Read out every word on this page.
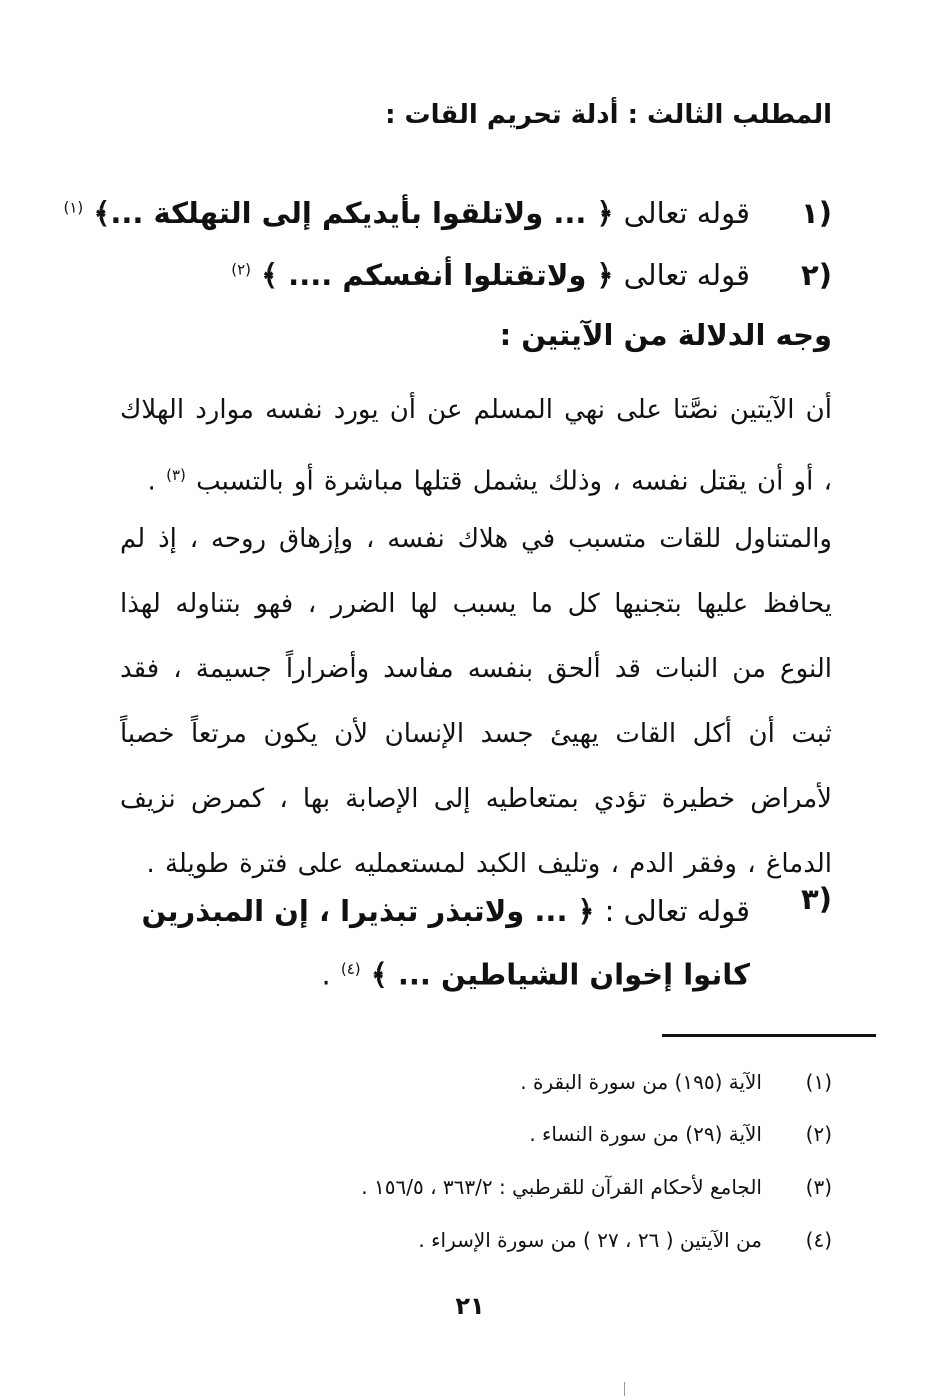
المطلب الثالث : أدلة تحريم القات :
١)
قوله تعالى ﴿ ... ولاتلقوا بأيديكم إلى التهلكة ...﴾ $^{(١)}$
٢)
قوله تعالى ﴿ ولاتقتلوا أنفسكم .... ﴾ $^{(٢)}$
وجه الدلالة من الآيتين :
أن الآيتين نصَّتا على نهي المسلم عن أن يورد نفسه موارد الهلاك ، أو أن يقتل نفسه ، وذلك يشمل قتلها مباشرة أو بالتسبب $^{(٣)}$ .
والمتناول للقات متسبب في هلاك نفسه ، وإزهاق روحه ، إذ لم يحافظ عليها بتجنيها كل ما يسبب لها الضرر ، فهو بتناوله لهذا النوع من النبات قد ألحق بنفسه مفاسد وأضراراً جسيمة ، فقد ثبت أن أكل القات يهيئ جسد الإنسان لأن يكون مرتعاً خصباً لأمراض خطيرة تؤدي بمتعاطيه إلى الإصابة بها ، كمرض نزيف الدماغ ، وفقر الدم ، وتليف الكبد لمستعمليه على فترة طويلة .
٣)
قوله تعالى : ﴿ ... ولاتبذر تبذيرا ، إن المبذرين كانوا إخوان الشياطين ... ﴾ $^{(٤)}$ .
(١)
الآية (١٩٥) من سورة البقرة .
(٢)
الآية (٢٩) من سورة النساء .
(٣)
الجامع لأحكام القرآن للقرطبي : ٣٦٣/٢ ، ١٥٦/٥ .
(٤)
من الآيتين ( ٢٦ ، ٢٧ ) من سورة الإسراء .
٢١
